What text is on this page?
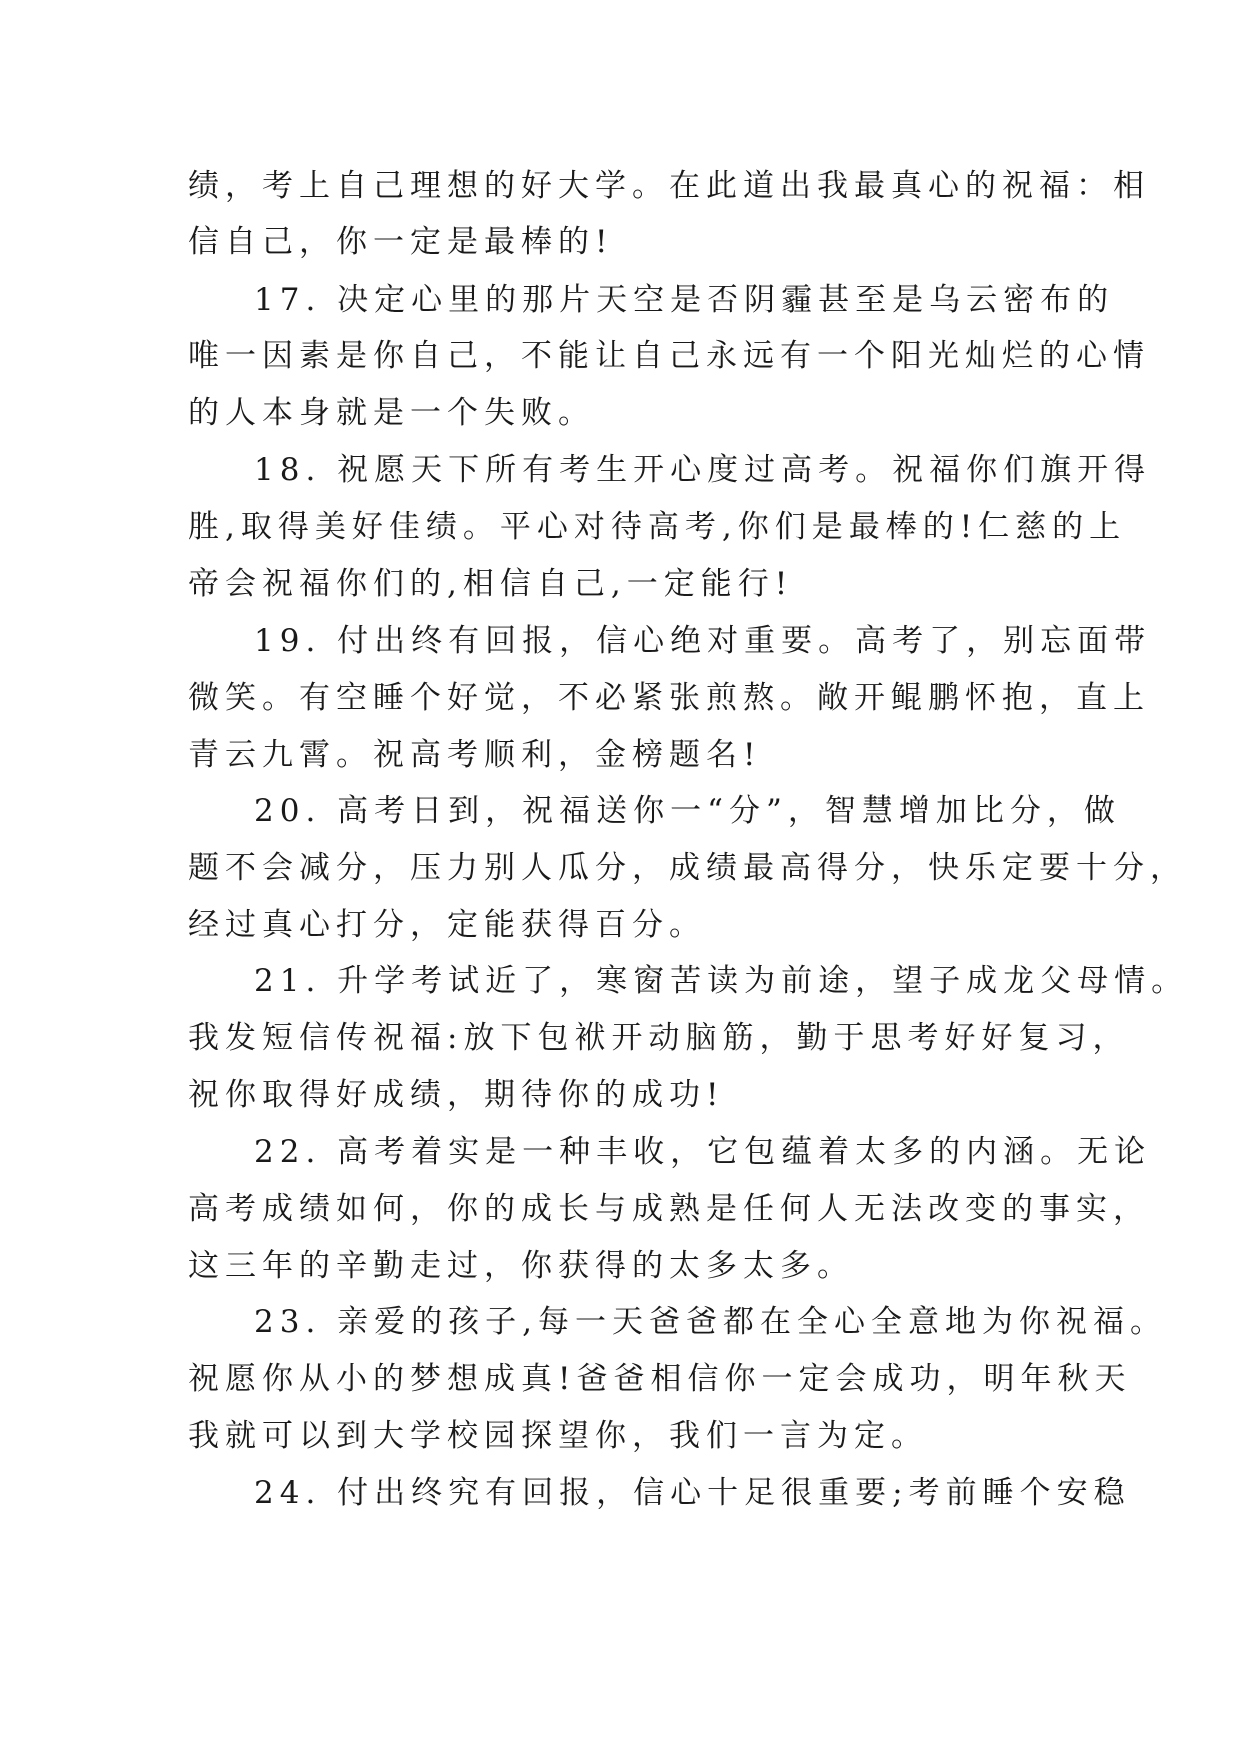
绩，考上自己理想的好大学。在此道出我最真心的祝福：相
信自己，你一定是最棒的!
17. 决定心里的那片天空是否阴霾甚至是乌云密布的
唯一因素是你自己，不能让自己永远有一个阳光灿烂的心情
的人本身就是一个失败。
18. 祝愿天下所有考生开心度过高考。祝福你们旗开得
胜,取得美好佳绩。平心对待高考,你们是最棒的!仁慈的上
帝会祝福你们的,相信自己,一定能行!
19. 付出终有回报，信心绝对重要。高考了，别忘面带
微笑。有空睡个好觉，不必紧张煎熬。敞开鲲鹏怀抱，直上
青云九霄。祝高考顺利，金榜题名!
20. 高考日到，祝福送你一“分”，智慧增加比分，做
题不会减分，压力别人瓜分，成绩最高得分，快乐定要十分，
经过真心打分，定能获得百分。
21. 升学考试近了，寒窗苦读为前途，望子成龙父母情。
我发短信传祝福:放下包袱开动脑筋，勤于思考好好复习，
祝你取得好成绩，期待你的成功!
22. 高考着实是一种丰收，它包蕴着太多的内涵。无论
高考成绩如何，你的成长与成熟是任何人无法改变的事实，
这三年的辛勤走过，你获得的太多太多。
23. 亲爱的孩子,每一天爸爸都在全心全意地为你祝福。
祝愿你从小的梦想成真!爸爸相信你一定会成功，明年秋天
我就可以到大学校园探望你，我们一言为定。
24. 付出终究有回报，信心十足很重要;考前睡个安稳
